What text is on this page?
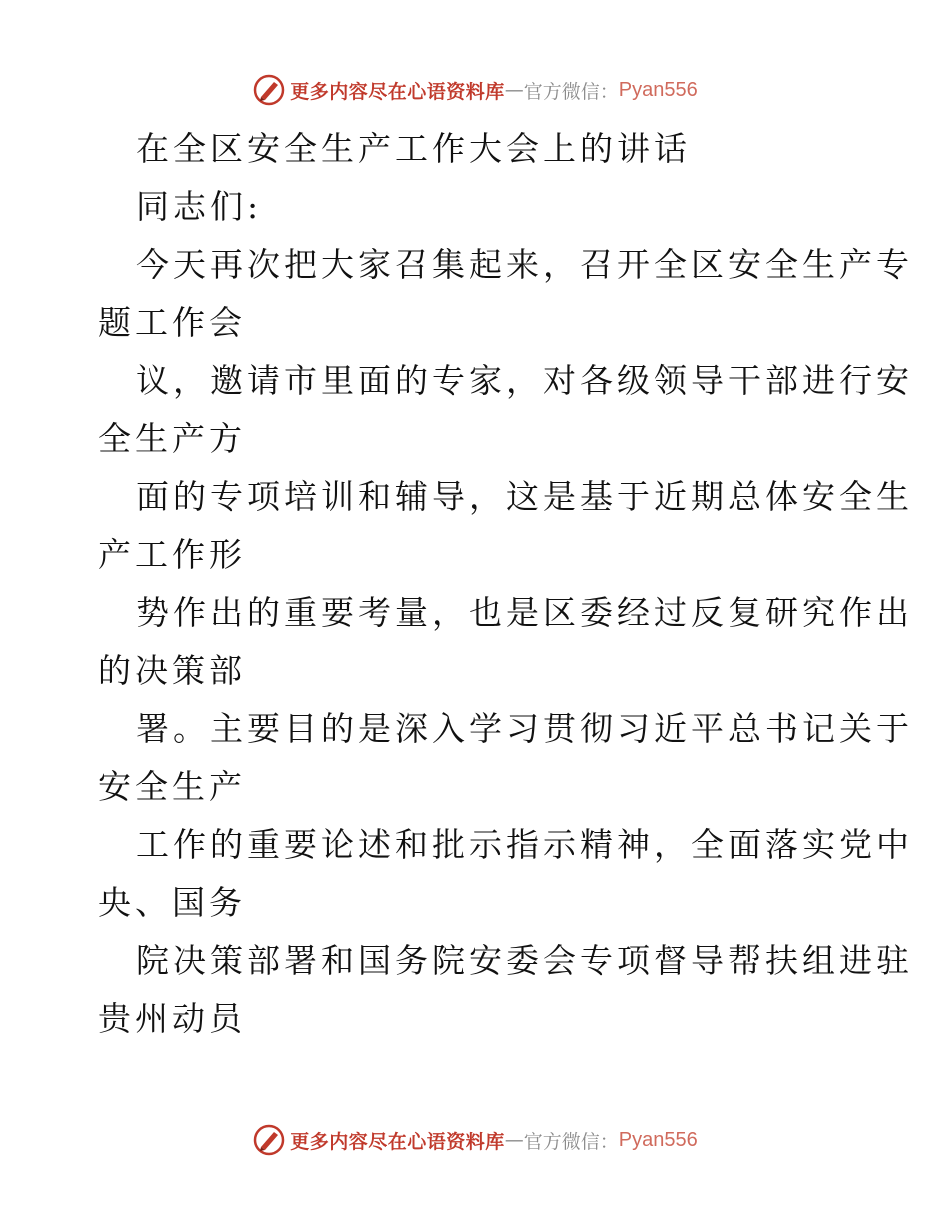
更多内容尽在心语资料库 — 官方微信： Pyan556
在全区安全生产工作大会上的讲话
同志们:
今天再次把大家召集起来，召开全区安全生产专
题工作会
议，邀请市里面的专家，对各级领导干部进行安
全生产方
面的专项培训和辅导，这是基于近期总体安全生
产工作形
势作出的重要考量，也是区委经过反复研究作出
的决策部
署。主要目的是深入学习贯彻习近平总书记关于
安全生产
工作的重要论述和批示指示精神，全面落实党中
央、国务
院决策部署和国务院安委会专项督导帮扶组进驻
贵州动员
更多内容尽在心语资料库 — 官方微信： Pyan556
